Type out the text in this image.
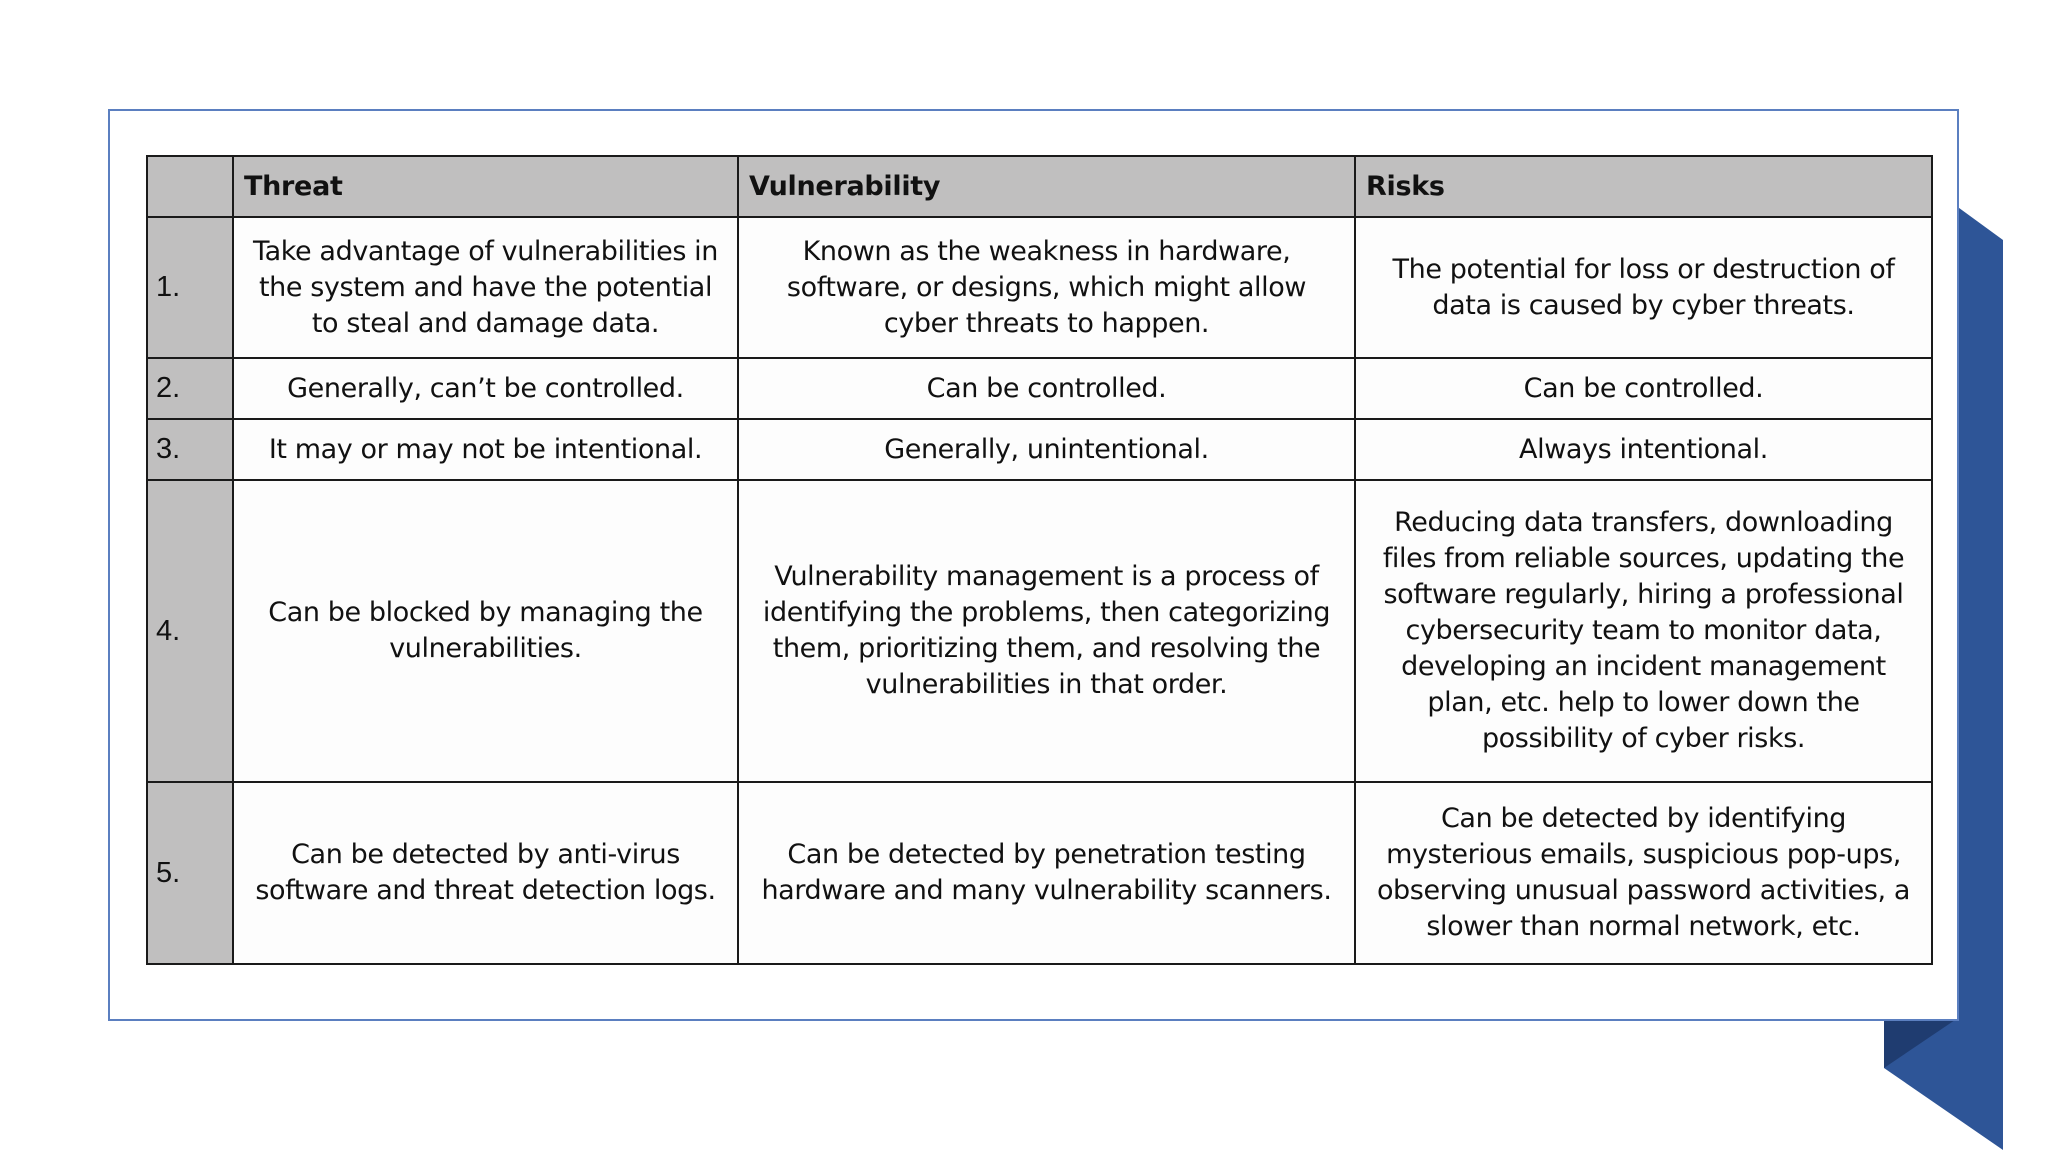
	Threat	Vulnerability	Risks
1.	Take advantage of vulnerabilities in the system and have the potential to steal and damage data.	Known as the weakness in hardware, software, or designs, which might allow cyber threats to happen.	The potential for loss or destruction of data is caused by cyber threats.
2.	Generally, can’t be controlled.	Can be controlled.	Can be controlled.
3.	It may or may not be intentional.	Generally, unintentional.	Always intentional.
4.	Can be blocked by managing the vulnerabilities.	Vulnerability management is a process of identifying the problems, then categorizing them, prioritizing them, and resolving the vulnerabilities in that order.	Reducing data transfers, downloading files from reliable sources, updating the software regularly, hiring a professional cybersecurity team to monitor data, developing an incident management plan, etc. help to lower down the possibility of cyber risks.
5.	Can be detected by anti-virus software and threat detection logs.	Can be detected by penetration testing hardware and many vulnerability scanners.	Can be detected by identifying mysterious emails, suspicious pop-ups, observing unusual password activities, a slower than normal network, etc.
